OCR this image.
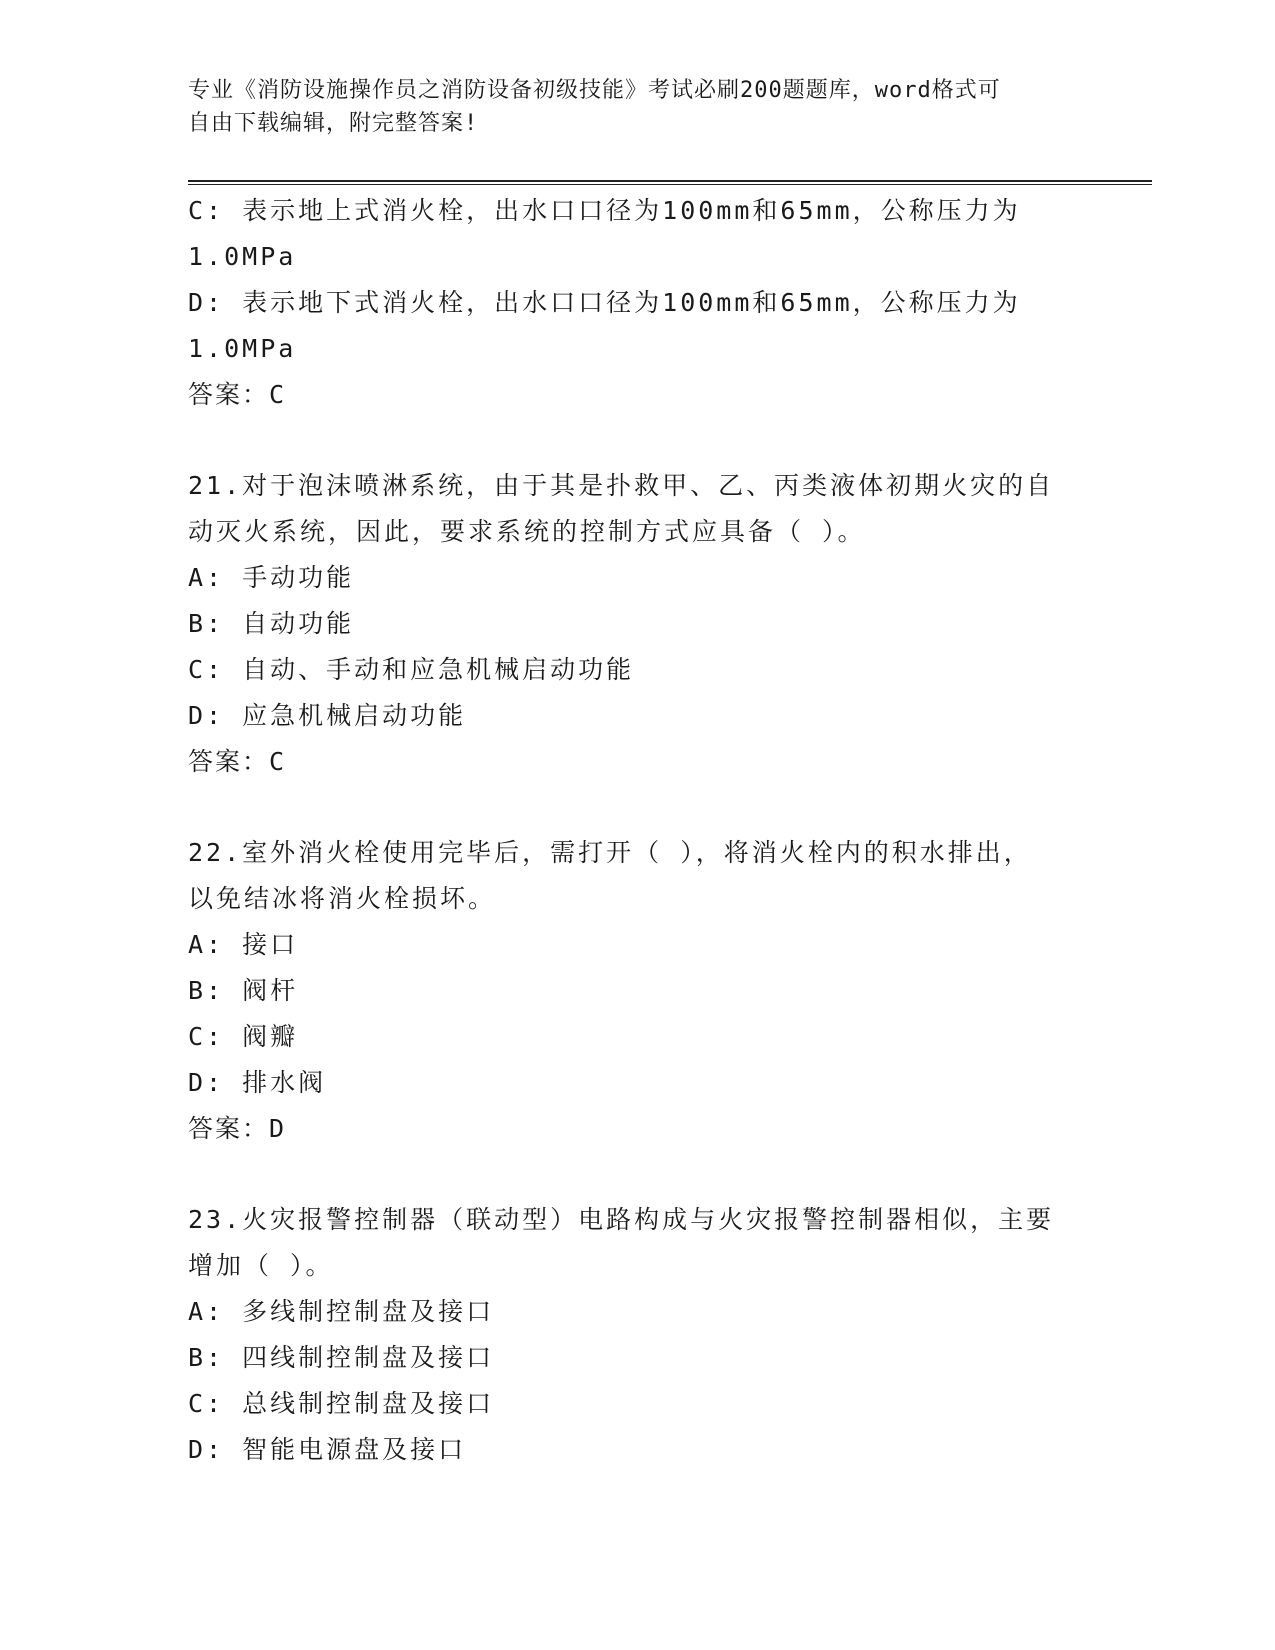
专业《消防设施操作员之消防设备初级技能》考试必刷200题题库，word格式可
自由下载编辑，附完整答案!
C: 表示地上式消火栓，出水口口径为100mm和65mm，公称压力为
1.0MPa
D: 表示地下式消火栓，出水口口径为100mm和65mm，公称压力为
1.0MPa
答案：C
21.对于泡沫喷淋系统，由于其是扑救甲、乙、丙类液体初期火灾的自
动灭火系统，因此，要求系统的控制方式应具备（ ）。
A: 手动功能
B: 自动功能
C: 自动、手动和应急机械启动功能
D: 应急机械启动功能
答案：C
22.室外消火栓使用完毕后，需打开（ ），将消火栓内的积水排出，
以免结冰将消火栓损坏。
A: 接口
B: 阀杆
C: 阀瓣
D: 排水阀
答案：D
23.火灾报警控制器（联动型）电路构成与火灾报警控制器相似，主要
增加（ ）。
A: 多线制控制盘及接口
B: 四线制控制盘及接口
C: 总线制控制盘及接口
D: 智能电源盘及接口
